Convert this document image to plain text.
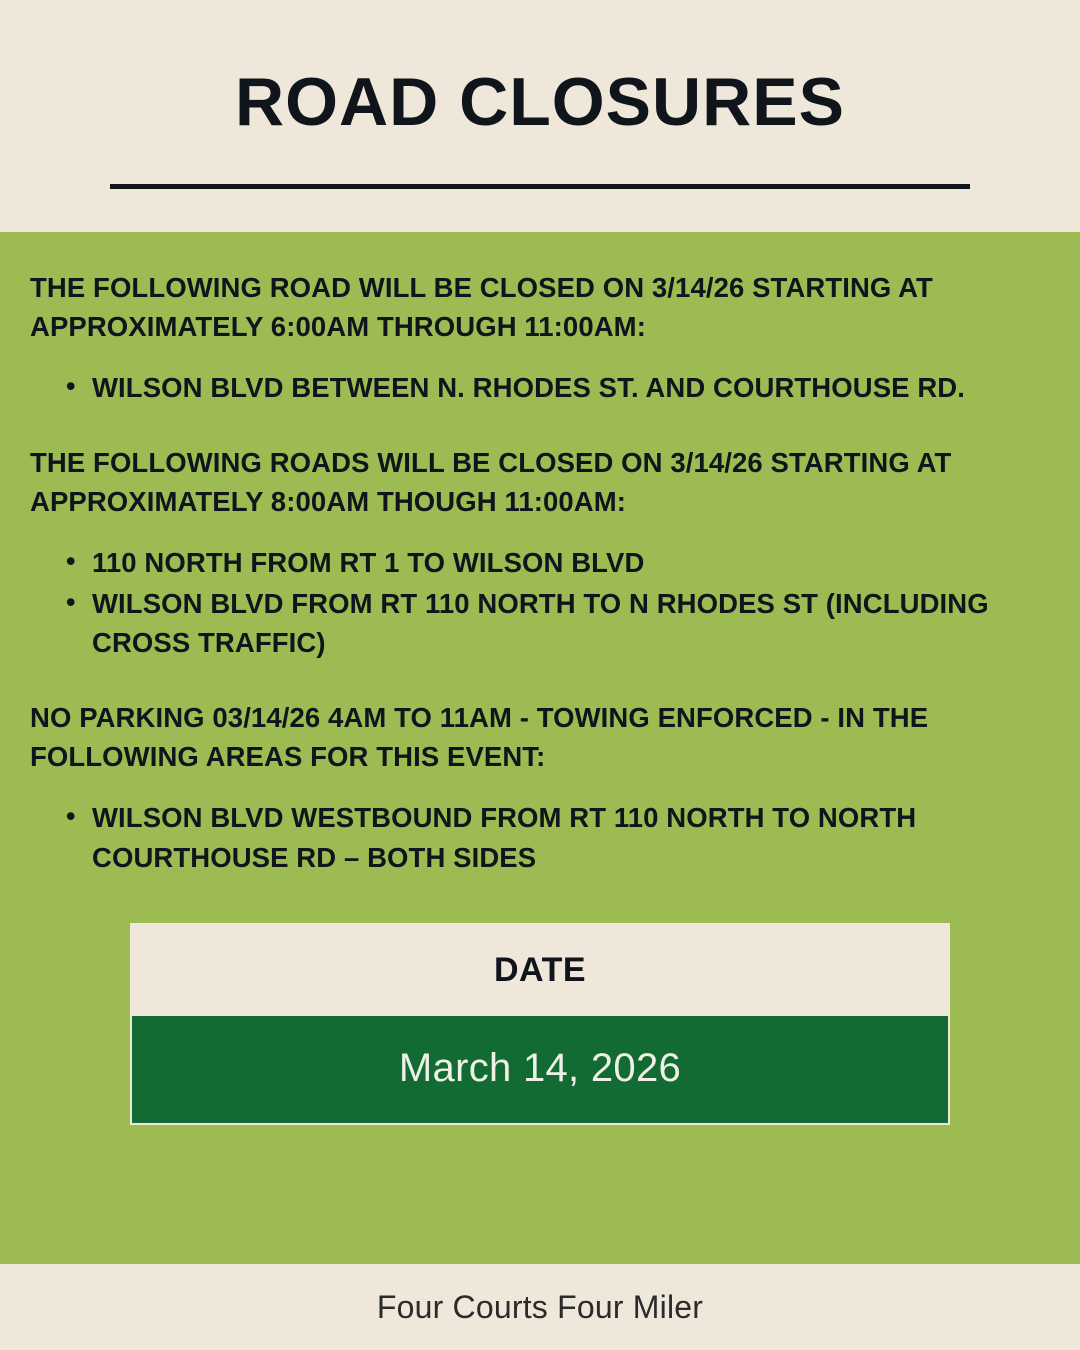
ROAD CLOSURES

THE FOLLOWING ROAD WILL BE CLOSED ON 3/14/26 STARTING AT APPROXIMATELY 6:00AM THROUGH 11:00AM:

• WILSON BLVD BETWEEN N. RHODES ST. AND COURTHOUSE RD.

THE FOLLOWING ROADS WILL BE CLOSED ON 3/14/26 STARTING AT APPROXIMATELY 8:00AM THOUGH 11:00AM:

• 110 NORTH FROM RT 1 TO WILSON BLVD
• WILSON BLVD FROM RT 110 NORTH TO N RHODES ST (INCLUDING CROSS TRAFFIC)

NO PARKING 03/14/26 4AM TO 11AM - TOWING ENFORCED - IN THE FOLLOWING AREAS FOR THIS EVENT:

• WILSON BLVD WESTBOUND FROM RT 110 NORTH TO NORTH COURTHOUSE RD – BOTH SIDES
DATE
March 14, 2026
Four Courts Four Miler
